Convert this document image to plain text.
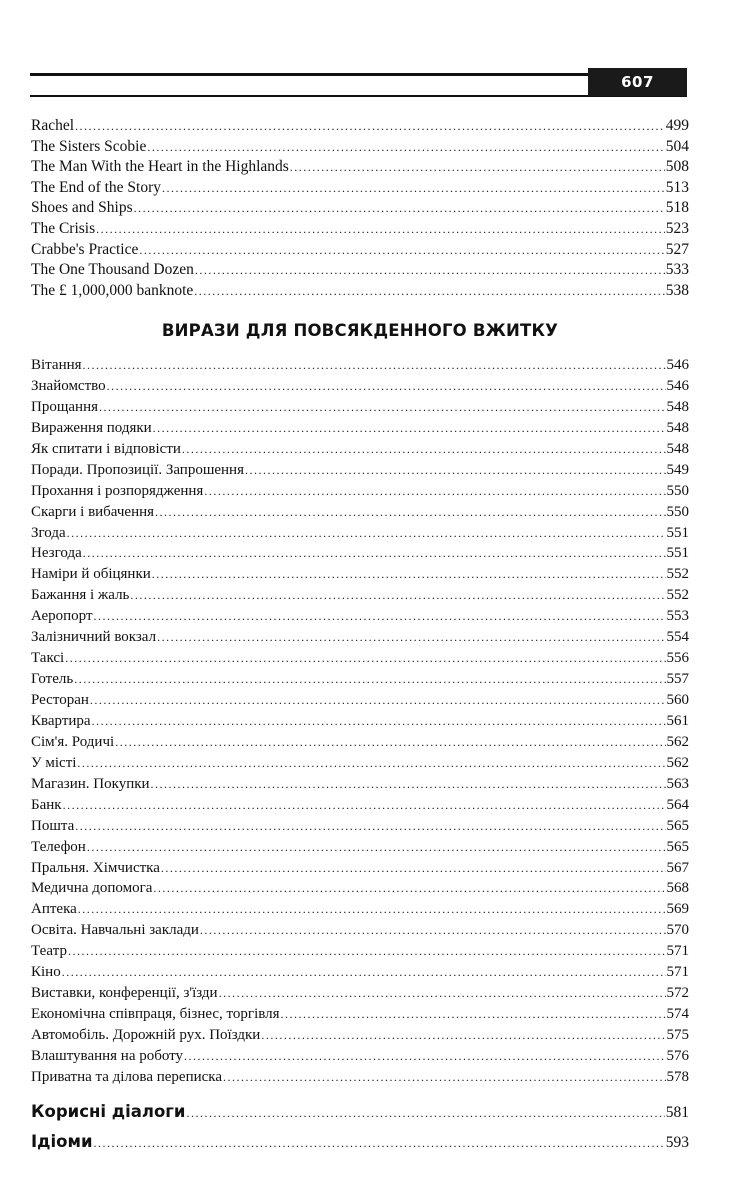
607
Rachel .....	499
The Sisters Scobie .....	504
The Man With the Heart in the Highlands .....	508
The End of the Story .....	513
Shoes and Ships .....	518
The Crisis .....	523
Crabbe's Practice .....	527
The One Thousand Dozen .....	533
The £ 1,000,000 banknote .....	538
ВИРАЗИ ДЛЯ ПОВСЯКДЕННОГО ВЖИТКУ
Вітання .....	546
Знайомство .....	546
Прощання .....	548
Вираження подяки .....	548
Як спитати і відповісти .....	548
Поради. Пропозиції. Запрошення .....	549
Прохання і розпорядження .....	550
Скарги і вибачення .....	550
Згода .....	551
Незгода .....	551
Наміри й обіцянки .....	552
Бажання і жаль .....	552
Аеропорт .....	553
Залізничний вокзал .....	554
Таксі .....	556
Готель .....	557
Ресторан .....	560
Квартира .....	561
Сім'я. Родичі .....	562
У місті .....	562
Магазин. Покупки .....	563
Банк .....	564
Пошта .....	565
Телефон .....	565
Пральня. Хімчистка .....	567
Медична допомога .....	568
Аптека .....	569
Освіта. Навчальні заклади .....	570
Театр .....	571
Кіно .....	571
Виставки, конференції, з'їзди .....	572
Економічна співпраця, бізнес, торгівля .....	574
Автомобіль. Дорожній рух. Поїздки .....	575
Влаштування на роботу .....	576
Приватна та ділова переписка .....	578
Корисні діалоги .....	581
Ідіоми .....	593
